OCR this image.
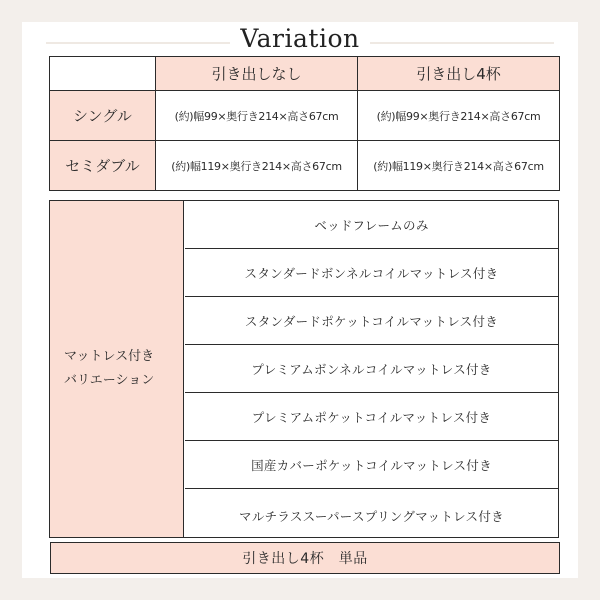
Variation
	引き出しなし	引き出し4杯
シングル	(約)幅99×奥行き214×高さ67cm	(約)幅99×奥行き214×高さ67cm
セミダブル	(約)幅119×奥行き214×高さ67cm	(約)幅119×奥行き214×高さ67cm
マットレス付き
バリエーション
ベッドフレームのみ
スタンダードボンネルコイルマットレス付き
スタンダードポケットコイルマットレス付き
プレミアムボンネルコイルマットレス付き
プレミアムポケットコイルマットレス付き
国産カバーポケットコイルマットレス付き
マルチラススーパースプリングマットレス付き
引き出し4杯　単品
